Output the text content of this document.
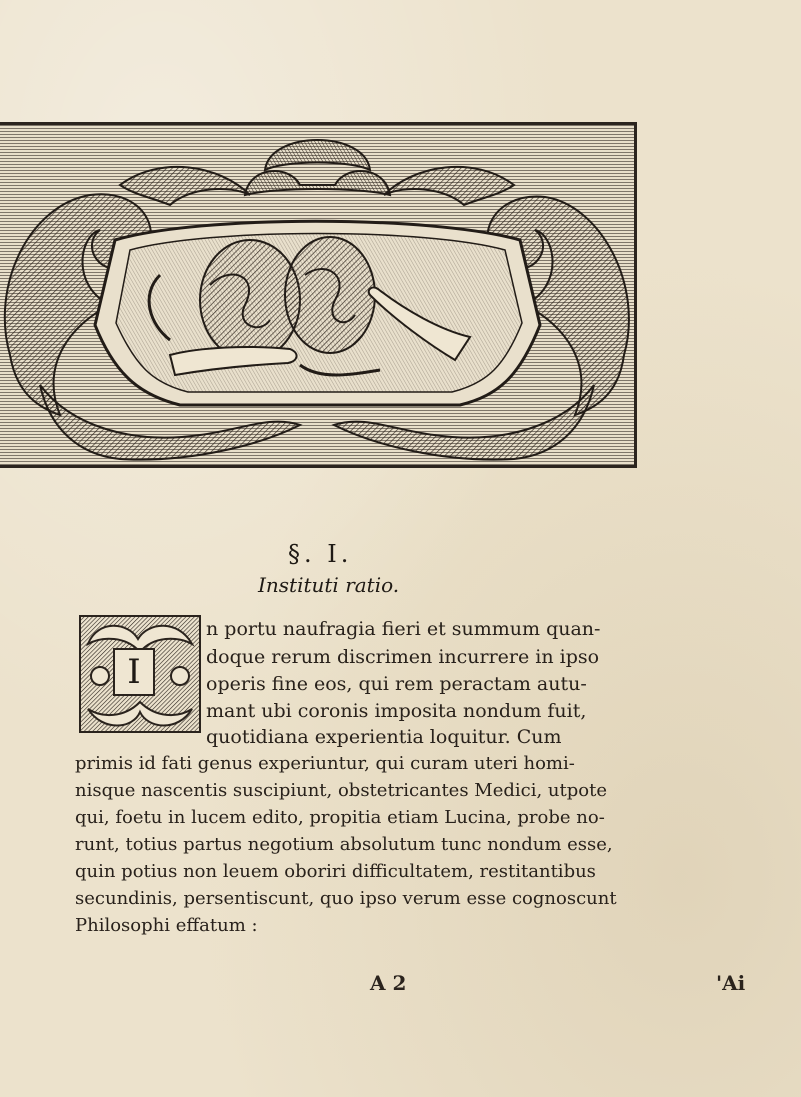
§. I.
Instituti ratio.
I
n portu naufragia fieri et summum quan-
doque rerum discrimen incurrere in ipso
operis fine eos, qui rem peractam autu-
mant ubi coronis imposita nondum fuit,
quotidiana experientia loquitur. Cum
primis id fati genus experiuntur, qui curam uteri homi-
nisque nascentis suscipiunt, obstetricantes Medici, utpote
qui, foetu in lucem edito, propitia etiam Lucina, probe no-
runt, totius partus negotium absolutum tunc nondum esse,
quin potius non leuem oboriri difficultatem, restitantibus
secundinis, persentiscunt, quo ipso verum esse cognoscunt
Philosophi effatum :
A 2	'Ai
